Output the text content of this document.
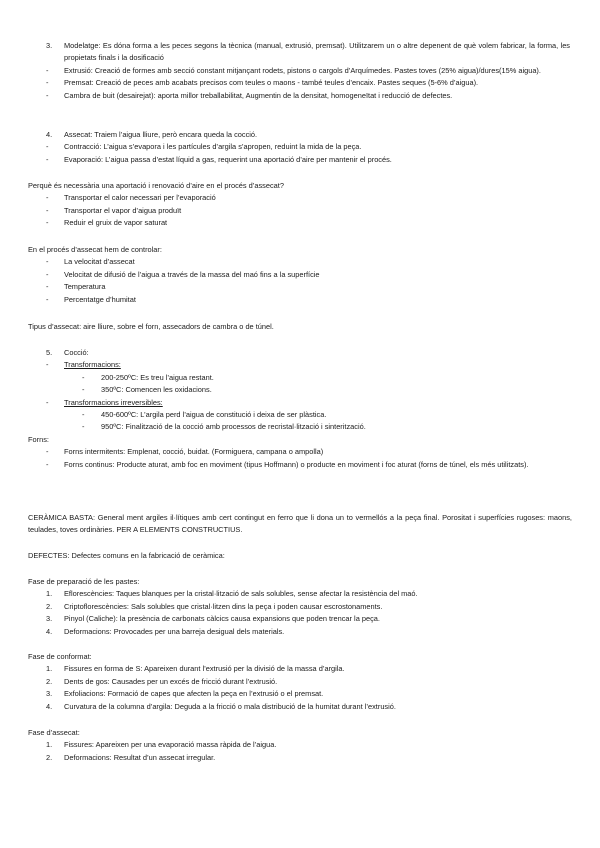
3.	Modelatge: Es dóna forma a les peces segons la tècnica (manual, extrusió, premsat). Utilitzarem un o altre depenent de què volem fabricar, la forma, les propietats finals i la dosificació
- Extrusió: Creació de formes amb secció constant mitjançant rodets, pistons o cargols d’Arquímedes. Pastes toves (25% aigua)/dures(15% aigua).
- Premsat: Creació de peces amb acabats precisos com teules o maons - també teules d’encaix. Pastes seques (5-6% d’aigua).
- Cambra de buit (desairejat): aporta millor treballabilitat, Augmentin de la densitat, homogeneïtat i reducció de defectes.
4.	Assecat: Traiem l’aigua lliure, però encara queda la cocció.
- Contracció: L’aigua s’evapora i les partícules d’argila s’apropen, reduint la mida de la peça.
- Evaporació: L’aigua passa d’estat líquid a gas, requerint una aportació d’aire per mantenir el procés.
Perquè és necessària una aportació i renovació d’aire en el procés d’assecat?
- Transportar el calor necessari per l’evaporació
- Transportar el vapor d’aigua produït
- Reduir el gruix de vapor saturat
En el procés d’assecat hem de controlar:
- La velocitat d’assecat
- Velocitat de difusió de l’aigua a través de la massa del maó fins a la superfície
- Temperatura
- Percentatge d’humitat
Tipus d’assecat: aire lliure, sobre el forn, assecadors de cambra o de túnel.
5.	Cocció:
- Transformacions:
- 200-250ºC: Es treu l’aigua restant.
- 350ºC: Comencen les oxidacions.
- Transformacions irreversibles:
- 450-600ºC: L’argila perd l’aigua de constitució i deixa de ser plàstica.
- 950ºC: Finalització de la cocció amb processos de recristal·lització i sinterització.
Forns:
- Forns intermitents: Emplenat, cocció, buidat. (Formiguera, campana o ampolla)
- Forns continus: Producte aturat, amb foc en moviment (tipus Hoffmann) o producte en moviment i foc aturat (forns de túnel, els més utilitzats).
CERÀMICA BASTA: General ment argiles il·lítiques amb cert contingut en ferro que li dona un to vermellós a la peça final. Porositat i superfícies rugoses: maons, teulades, toves ordinàries. PER A ELEMENTS CONSTRUCTIUS.
DEFECTES: Defectes comuns en la fabricació de ceràmica:
Fase de preparació de les pastes:
1.	Eflorescències: Taques blanques per la cristal·lització de sals solubles, sense afectar la resistència del maó.
2.	Criptoflorescències: Sals solubles que cristal·litzen dins la peça i poden causar escrostonaments.
3.	Pinyol (Caliche): la presència de carbonats càlcics causa expansions que poden trencar la peça.
4.	Deformacions: Provocades per una barreja desigual dels materials.
Fase de conformat:
1.	Fissures en forma de S: Apareixen durant l’extrusió per la divisió de la massa d’argila.
2.	Dents de gos: Causades per un excés de fricció durant l’extrusió.
3.	Exfoliacions: Formació de capes que afecten la peça en l’extrusió o el premsat.
4.	Curvatura de la columna d’argila: Deguda a la fricció o mala distribució de la humitat durant l’extrusió.
Fase d’assecat:
1.	Fissures: Apareixen per una evaporació massa ràpida de l’aigua.
2.	Deformacions: Resultat d’un assecat irregular.
